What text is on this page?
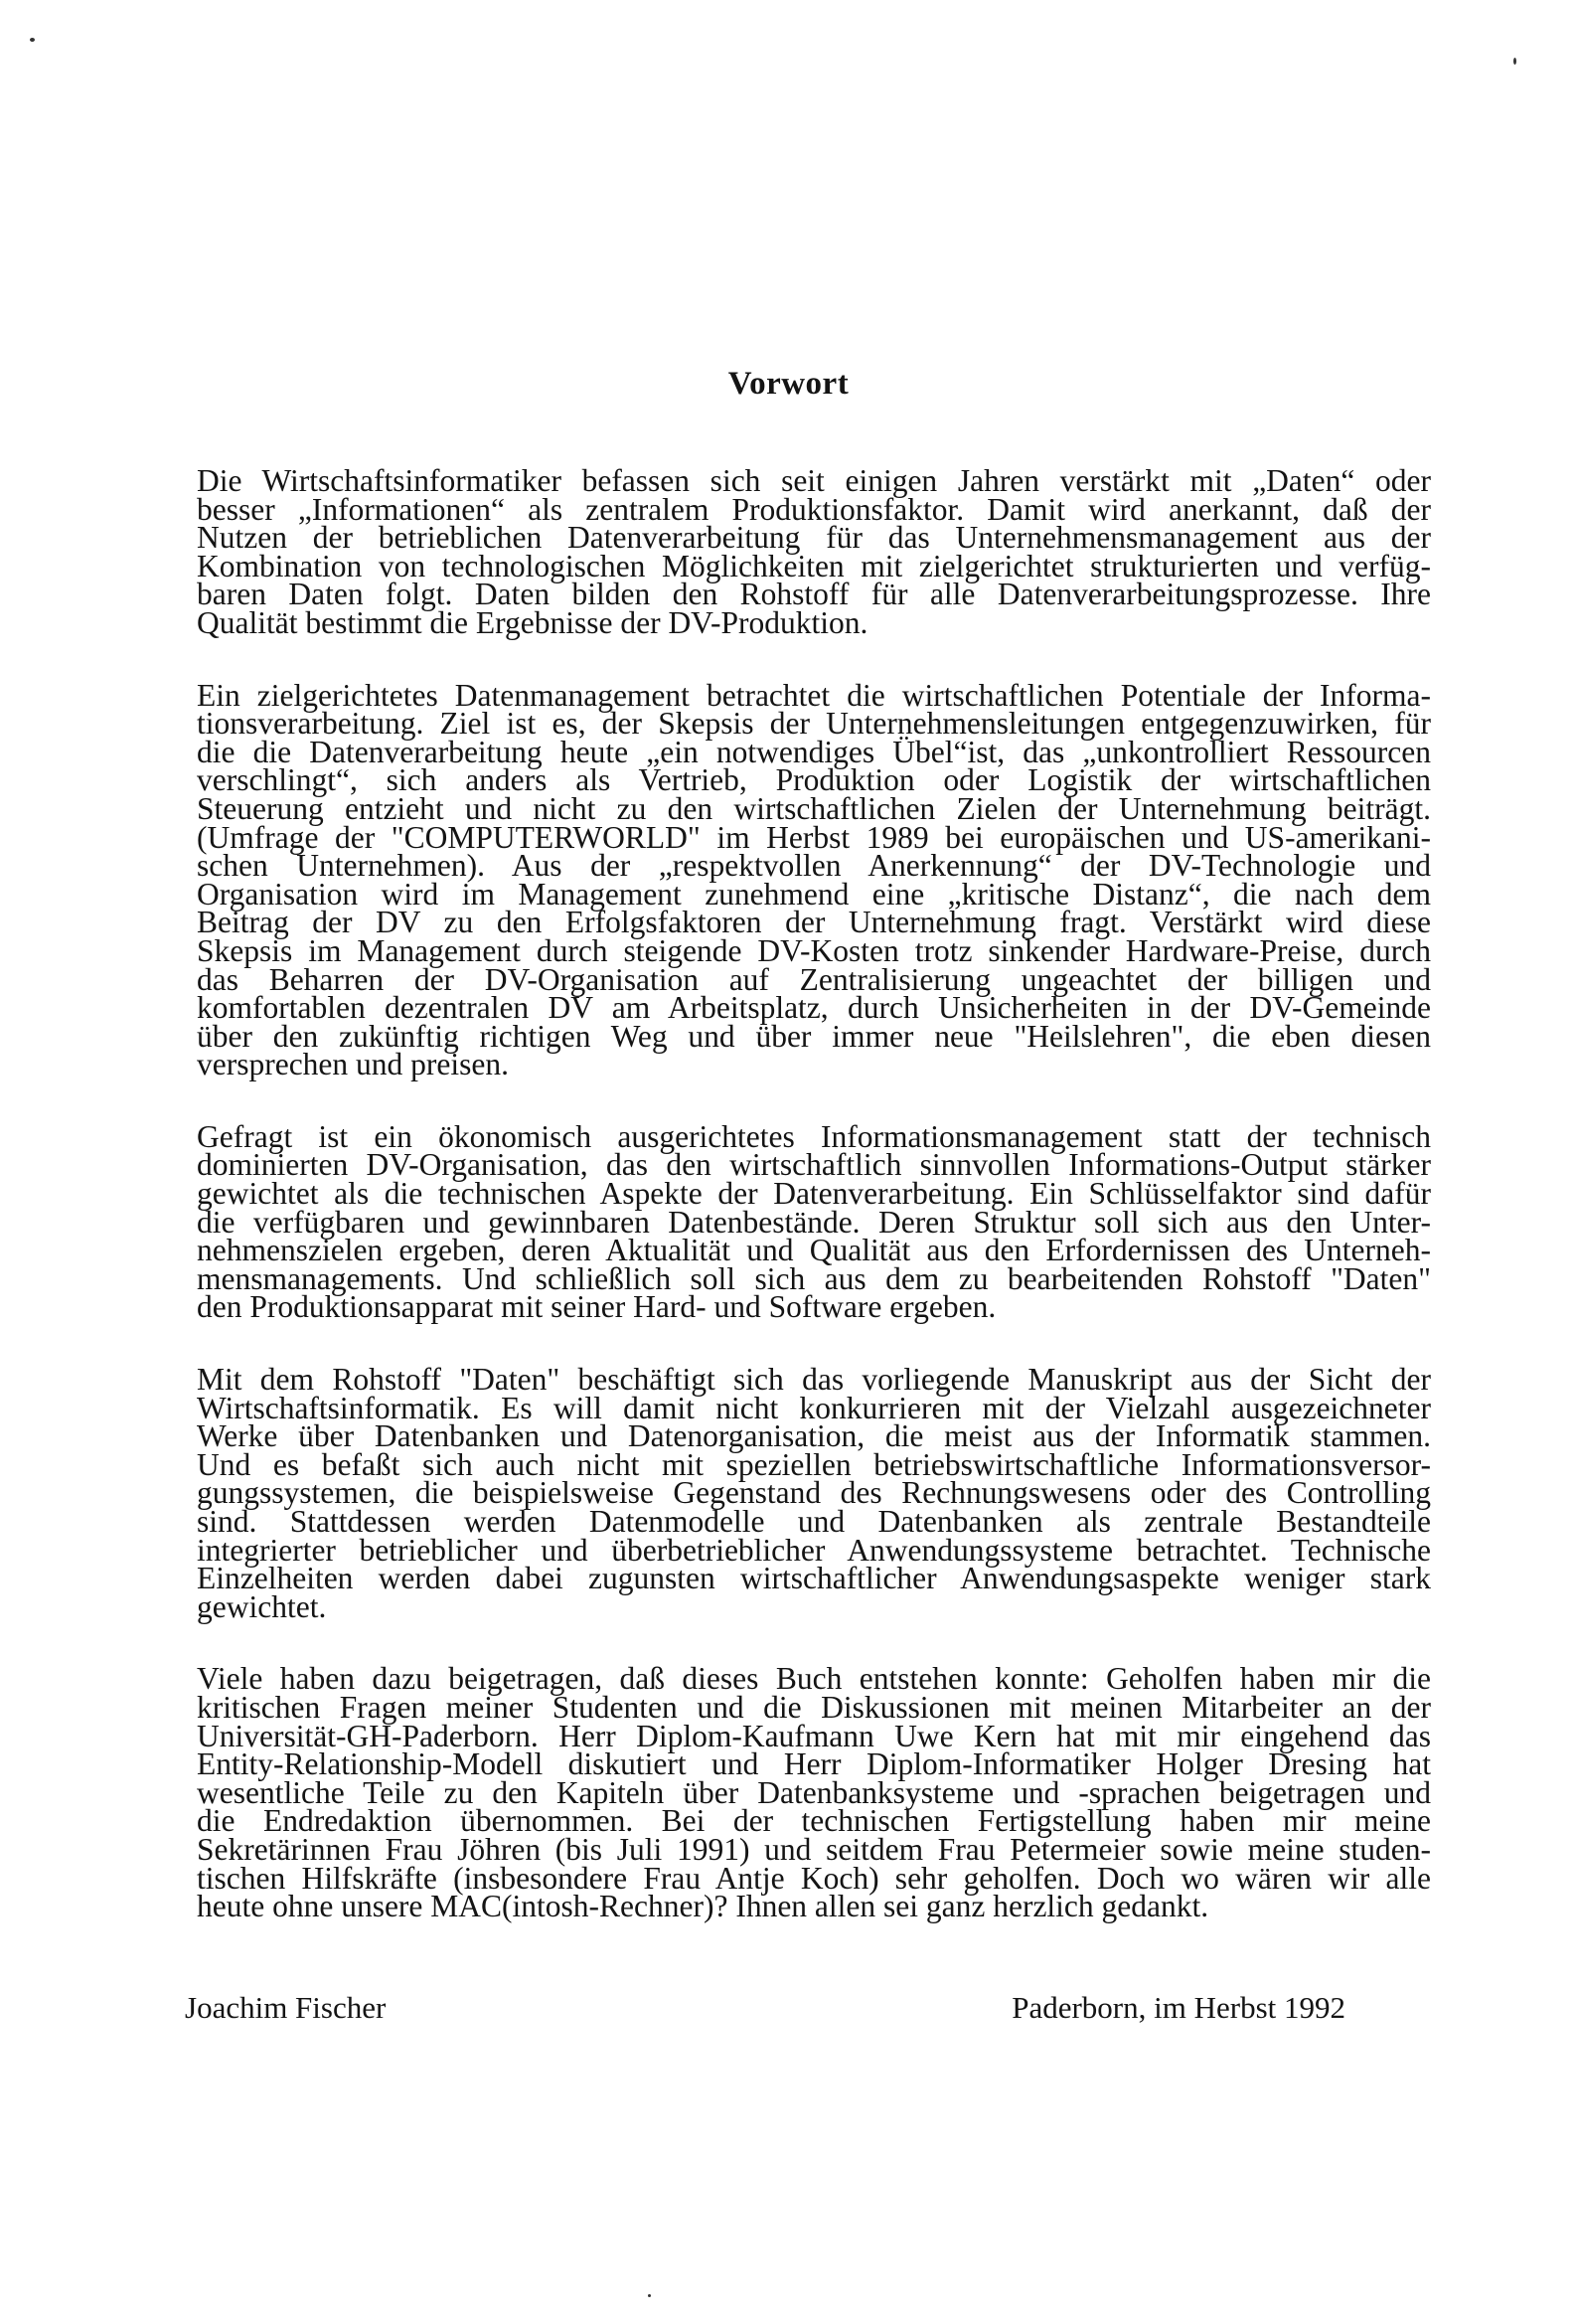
Vorwort
Die Wirtschaftsinformatiker befassen sich seit einigen Jahren verstärkt mit „Daten“ oder
besser „Informationen“ als zentralem Produktionsfaktor. Damit wird anerkannt, daß der
Nutzen der betrieblichen Datenverarbeitung für das Unternehmensmanagement aus der
Kombination von technologischen Möglichkeiten mit zielgerichtet strukturierten und verfüg-
baren Daten folgt. Daten bilden den Rohstoff für alle Datenverarbeitungsprozesse. Ihre
Qualität bestimmt die Ergebnisse der DV-Produktion.
Ein zielgerichtetes Datenmanagement betrachtet die wirtschaftlichen Potentiale der Informa-
tionsverarbeitung. Ziel ist es, der Skepsis der Unternehmensleitungen entgegenzuwirken, für
die die Datenverarbeitung heute „ein notwendiges Übel“ist, das „unkontrolliert Ressourcen
verschlingt“, sich anders als Vertrieb, Produktion oder Logistik der wirtschaftlichen
Steuerung entzieht und nicht zu den wirtschaftlichen Zielen der Unternehmung beiträgt.
(Umfrage der "COMPUTERWORLD" im Herbst 1989 bei europäischen und US-amerikani-
schen Unternehmen). Aus der „respektvollen Anerkennung“ der DV-Technologie und
Organisation wird im Management zunehmend eine „kritische Distanz“, die nach dem
Beitrag der DV zu den Erfolgsfaktoren der Unternehmung fragt. Verstärkt wird diese
Skepsis im Management durch steigende DV-Kosten trotz sinkender Hardware-Preise, durch
das Beharren der DV-Organisation auf Zentralisierung ungeachtet der billigen und
komfortablen dezentralen DV am Arbeitsplatz, durch Unsicherheiten in der DV-Gemeinde
über den zukünftig richtigen Weg und über immer neue "Heilslehren", die eben diesen
versprechen und preisen.
Gefragt ist ein ökonomisch ausgerichtetes Informationsmanagement statt der technisch
dominierten DV-Organisation, das den wirtschaftlich sinnvollen Informations-Output stärker
gewichtet als die technischen Aspekte der Datenverarbeitung. Ein Schlüsselfaktor sind dafür
die verfügbaren und gewinnbaren Datenbestände. Deren Struktur soll sich aus den Unter-
nehmenszielen ergeben, deren Aktualität und Qualität aus den Erfordernissen des Unterneh-
mensmanagements. Und schließlich soll sich aus dem zu bearbeitenden Rohstoff "Daten"
den Produktionsapparat mit seiner Hard- und Software ergeben.
Mit dem Rohstoff "Daten" beschäftigt sich das vorliegende Manuskript aus der Sicht der
Wirtschaftsinformatik. Es will damit nicht konkurrieren mit der Vielzahl ausgezeichneter
Werke über Datenbanken und Datenorganisation, die meist aus der Informatik stammen.
Und es befaßt sich auch nicht mit speziellen betriebswirtschaftliche Informationsversor-
gungssystemen, die beispielsweise Gegenstand des Rechnungswesens oder des Controlling
sind. Stattdessen werden Datenmodelle und Datenbanken als zentrale Bestandteile
integrierter betrieblicher und überbetrieblicher Anwendungssysteme betrachtet. Technische
Einzelheiten werden dabei zugunsten wirtschaftlicher Anwendungsaspekte weniger stark
gewichtet.
Viele haben dazu beigetragen, daß dieses Buch entstehen konnte: Geholfen haben mir die
kritischen Fragen meiner Studenten und die Diskussionen mit meinen Mitarbeiter an der
Universität-GH-Paderborn. Herr Diplom-Kaufmann Uwe Kern hat mit mir eingehend das
Entity-Relationship-Modell diskutiert und Herr Diplom-Informatiker Holger Dresing hat
wesentliche Teile zu den Kapiteln über Datenbanksysteme und -sprachen beigetragen und
die Endredaktion übernommen. Bei der technischen Fertigstellung haben mir meine
Sekretärinnen Frau Jöhren (bis Juli 1991) und seitdem Frau Petermeier sowie meine studen-
tischen Hilfskräfte (insbesondere Frau Antje Koch) sehr geholfen. Doch wo wären wir alle
heute ohne unsere MAC(intosh-Rechner)? Ihnen allen sei ganz herzlich gedankt.
Joachim Fischer	Paderborn, im Herbst 1992
